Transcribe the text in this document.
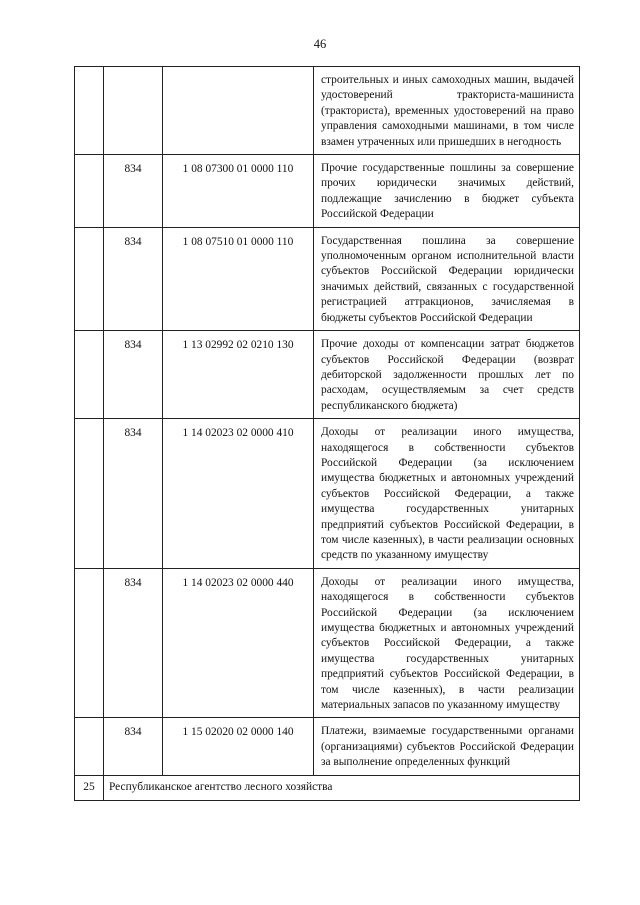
46
			строительных и иных самоходных машин, выдачей удостоверений тракториста-машиниста (тракториста), временных удостоверений на право управления самоходными машинами, в том числе взамен утраченных или пришедших в негодность
	834	1 08 07300 01 0000 110	Прочие государственные пошлины за совершение прочих юридически значимых действий, подлежащие зачислению в бюджет субъекта Российской Федерации
	834	1 08 07510 01 0000 110	Государственная пошлина за совершение уполномоченным органом исполнительной власти субъектов Российской Федерации юридически значимых действий, связанных с государственной регистрацией аттракционов, зачисляемая в бюджеты субъектов Российской Федерации
	834	1 13 02992 02 0210 130	Прочие доходы от компенсации затрат бюджетов субъектов Российской Федерации (возврат дебиторской задолженности прошлых лет по расходам, осуществляемым за счет средств республиканского бюджета)
	834	1 14 02023 02 0000 410	Доходы от реализации иного имущества, находящегося в собственности субъектов Российской Федерации (за исключением имущества бюджетных и автономных учреждений субъектов Российской Федерации, а также имущества государственных унитарных предприятий субъектов Российской Федерации, в том числе казенных), в части реализации основных средств по указанному имуществу
	834	1 14 02023 02 0000 440	Доходы от реализации иного имущества, находящегося в собственности субъектов Российской Федерации (за исключением имущества бюджетных и автономных учреждений субъектов Российской Федерации, а также имущества государственных унитарных предприятий субъектов Российской Федерации, в том числе казенных), в части реализации материальных запасов по указанному имуществу
	834	1 15 02020 02 0000 140	Платежи, взимаемые государственными органами (организациями) субъектов Российской Федерации за выполнение определенных функций
25	Республиканское агентство лесного хозяйства		
